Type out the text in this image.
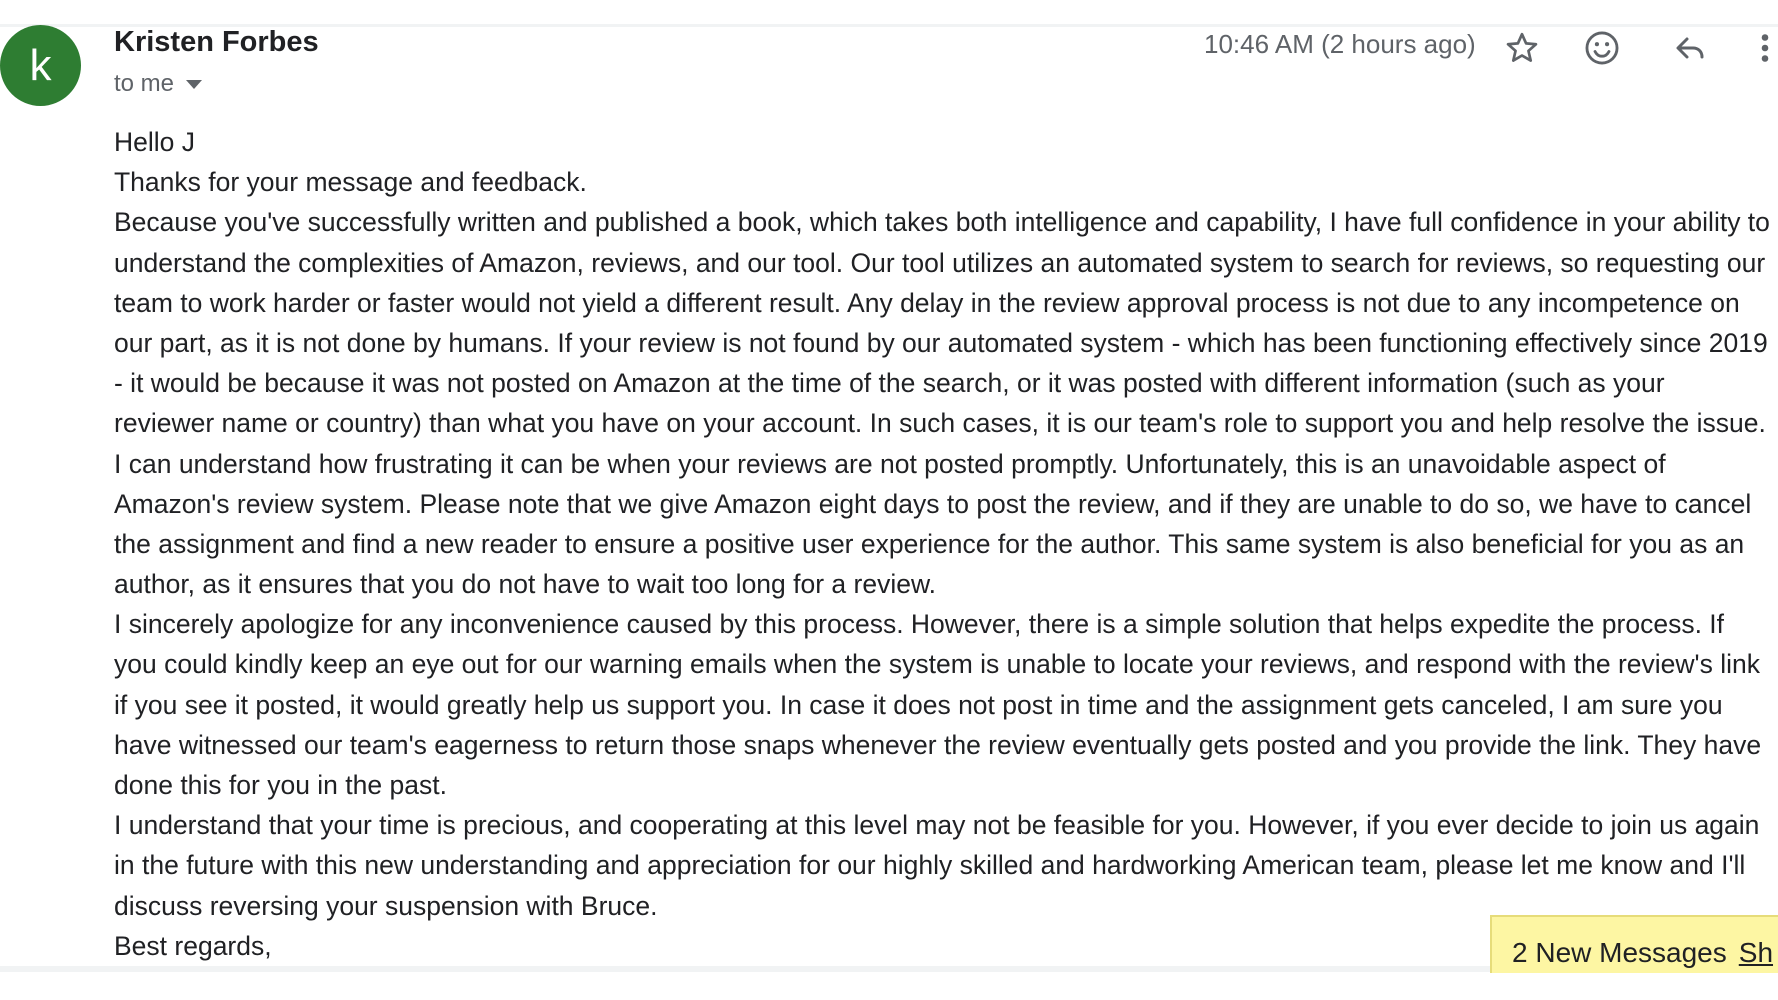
k	Kristen Forbes
to me
10:46 AM (2 hours ago)
Hello J
Thanks for your message and feedback.
Because you've successfully written and published a book, which takes both intelligence and capability, I have full confidence in your ability to
understand the complexities of Amazon, reviews, and our tool. Our tool utilizes an automated system to search for reviews, so requesting our
team to work harder or faster would not yield a different result. Any delay in the review approval process is not due to any incompetence on
our part, as it is not done by humans. If your review is not found by our automated system - which has been functioning effectively since 2019
- it would be because it was not posted on Amazon at the time of the search, or it was posted with different information (such as your
reviewer name or country) than what you have on your account. In such cases, it is our team's role to support you and help resolve the issue.
I can understand how frustrating it can be when your reviews are not posted promptly. Unfortunately, this is an unavoidable aspect of
Amazon's review system. Please note that we give Amazon eight days to post the review, and if they are unable to do so, we have to cancel
the assignment and find a new reader to ensure a positive user experience for the author. This same system is also beneficial for you as an
author, as it ensures that you do not have to wait too long for a review.
I sincerely apologize for any inconvenience caused by this process. However, there is a simple solution that helps expedite the process. If
you could kindly keep an eye out for our warning emails when the system is unable to locate your reviews, and respond with the review's link
if you see it posted, it would greatly help us support you. In case it does not post in time and the assignment gets canceled, I am sure you
have witnessed our team's eagerness to return those snaps whenever the review eventually gets posted and you provide the link. They have
done this for you in the past.
I understand that your time is precious, and cooperating at this level may not be feasible for you. However, if you ever decide to join us again
in the future with this new understanding and appreciation for our highly skilled and hardworking American team, please let me know and I'll
discuss reversing your suspension with Bruce.
Best regards,	2 New Messages Sh
